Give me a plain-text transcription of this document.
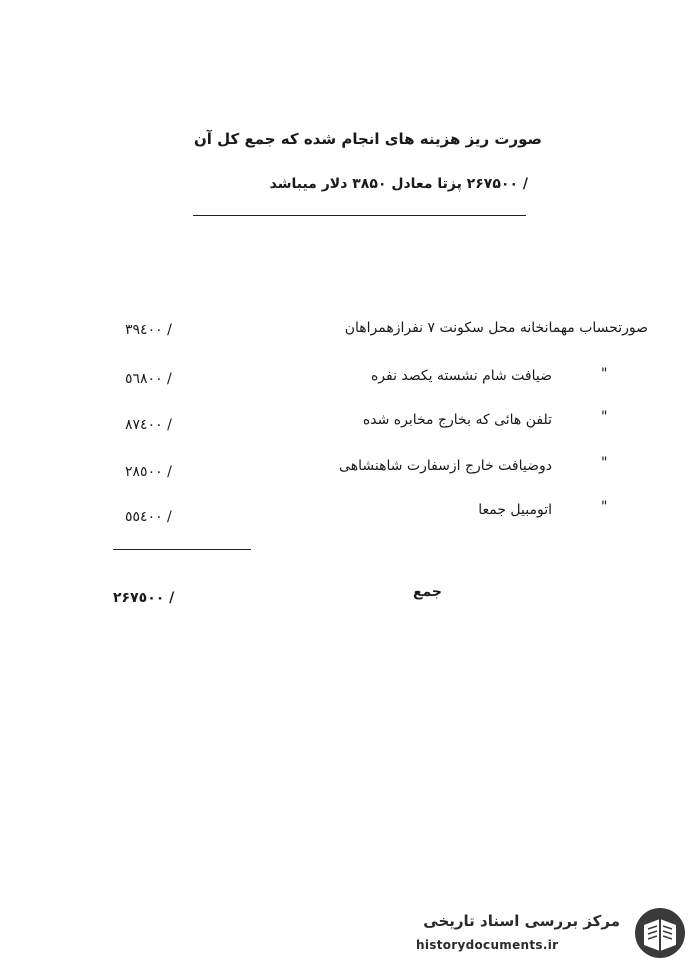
صورت ریز هزینه های انجام شده که جمع کل آن
/ ۲۶۷۵۰۰ پزتا معادل ۳۸۵۰ دلار میباشد
صورتحساب مهمانخانه محل سکونت ۷ نفرازهمراهان
۳۹٤۰۰ /
"
ضیافت شام نشسته یکصد نفره
٥٦٨۰۰ /
"
تلفن هائی که بخارج مخابره شده
۸۷٤۰۰ /
"
دوضیافت خارج ازسفارت شاهنشاهی
۲۸٥۰۰ /
"
اتومبیل جمعا
٥٥٤۰۰ /
جمع
۲۶۷٥۰۰ /
مرکز بررسی اسناد تاریخی
historydocuments.ir
